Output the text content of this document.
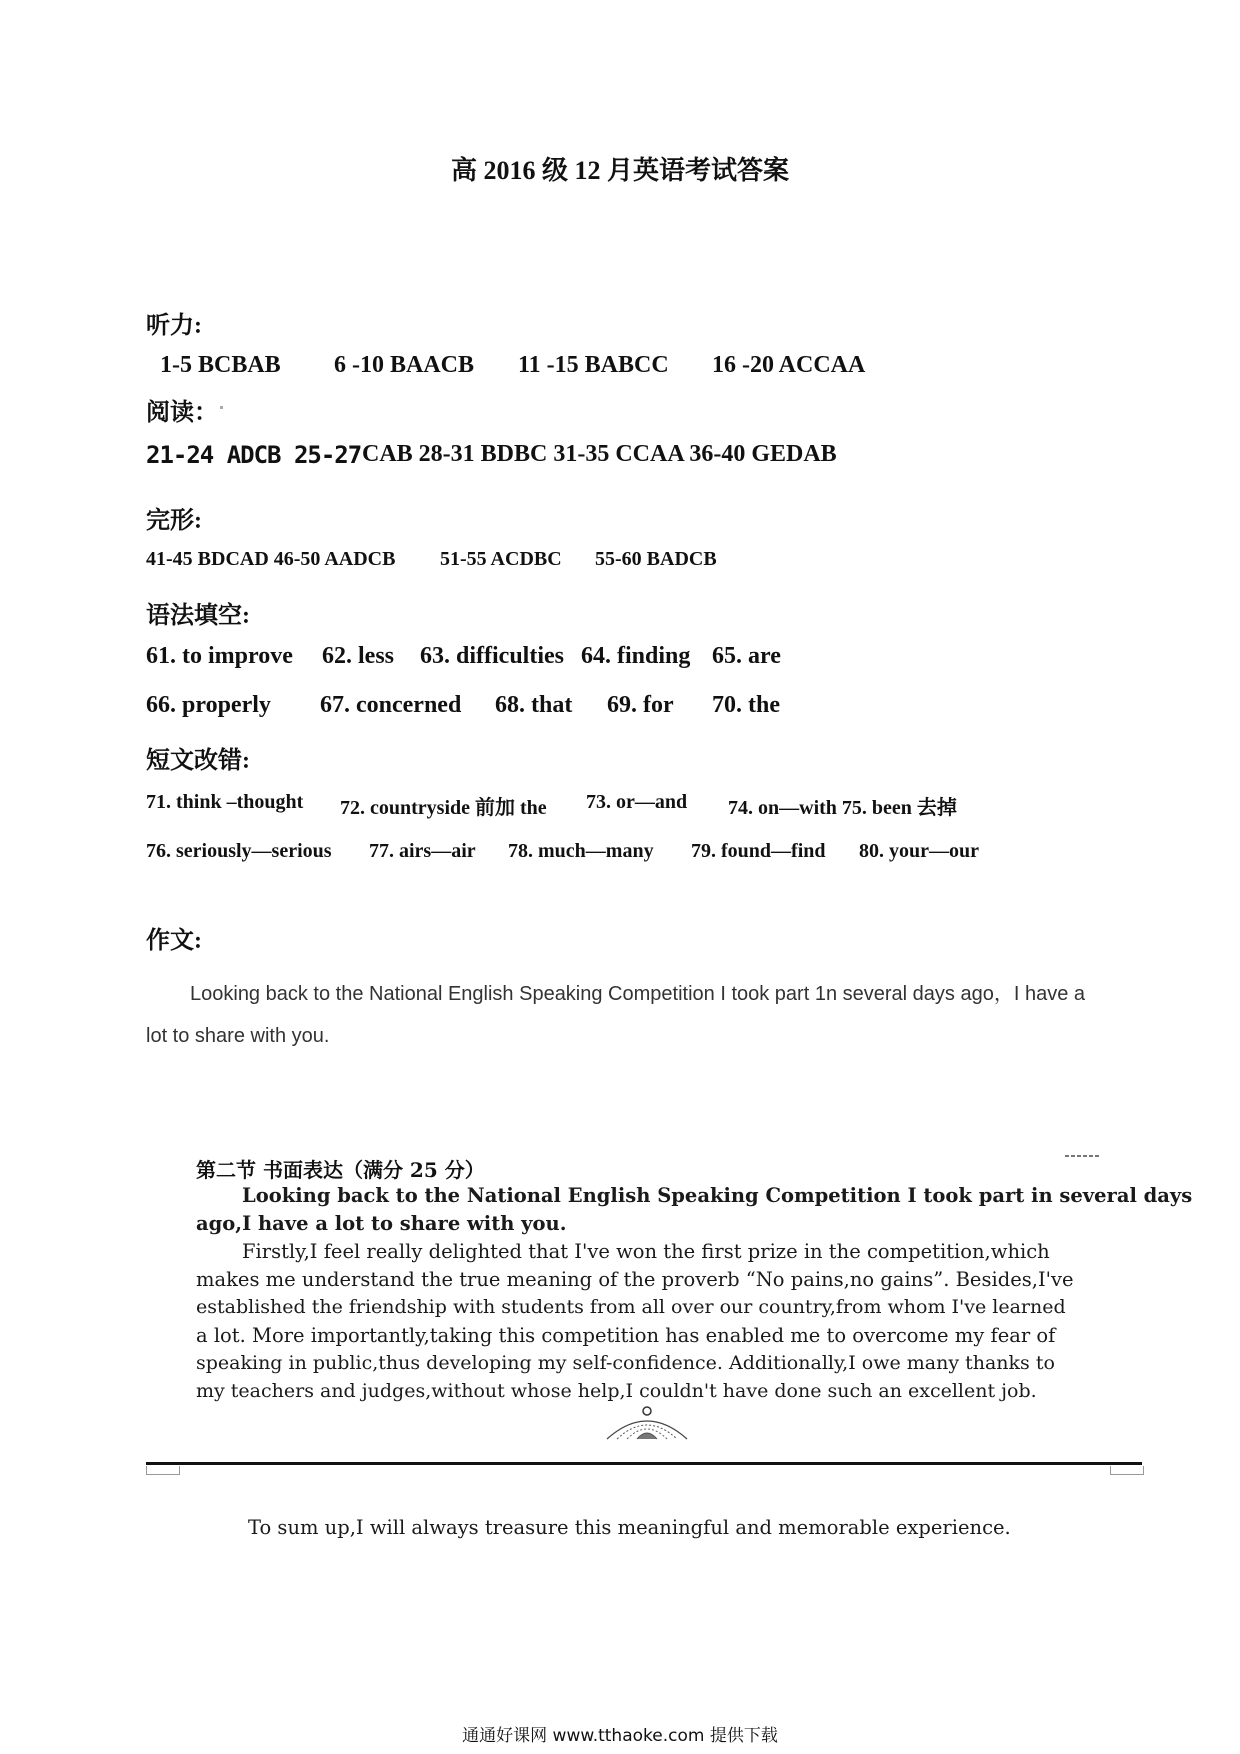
高 2016 级 12 月英语考试答案
听力:
1-5 BCBAB 6 -10 BAACB 11 -15 BABCC 16 -20 ACCAA
阅读：
21-24 ADCB 25-27 CAB 28-31 BDBC 31-35 CCAA 36-40 GEDAB
完形:
41-45 BDCAD 46-50 AADCB 51-55 ACDBC 55-60 BADCB
语法填空:
61. to improve 62. less 63. difficulties 64. finding 65. are
66. properly 67. concerned 68. that 69. for 70. the
短文改错:
71. think –thought 72. countryside 前加 the 73. or—and 74. on—with 75. been 去掉
76. seriously—serious 77. airs—air 78. much—many 79. found—find 80. your—our
作文:
Looking back to the National English Speaking Competition I took part 1n several days ago，I have a
lot to share with you.
第二节 书面表达（满分 25 分）
Looking back to the National English Speaking Competition I took part in several days
ago,I have a lot to share with you.
Firstly,I feel really delighted that I've won the first prize in the competition,which
makes me understand the true meaning of the proverb “No pains,no gains”. Besides,I've
established the friendship with students from all over our country,from whom I've learned
a lot. More importantly,taking this competition has enabled me to overcome my fear of
speaking in public,thus developing my self-confidence. Additionally,I owe many thanks to
my teachers and judges,without whose help,I couldn't have done such an excellent job.
To sum up,I will always treasure this meaningful and memorable experience.
通通好课网 www.tthaoke.com 提供下载
